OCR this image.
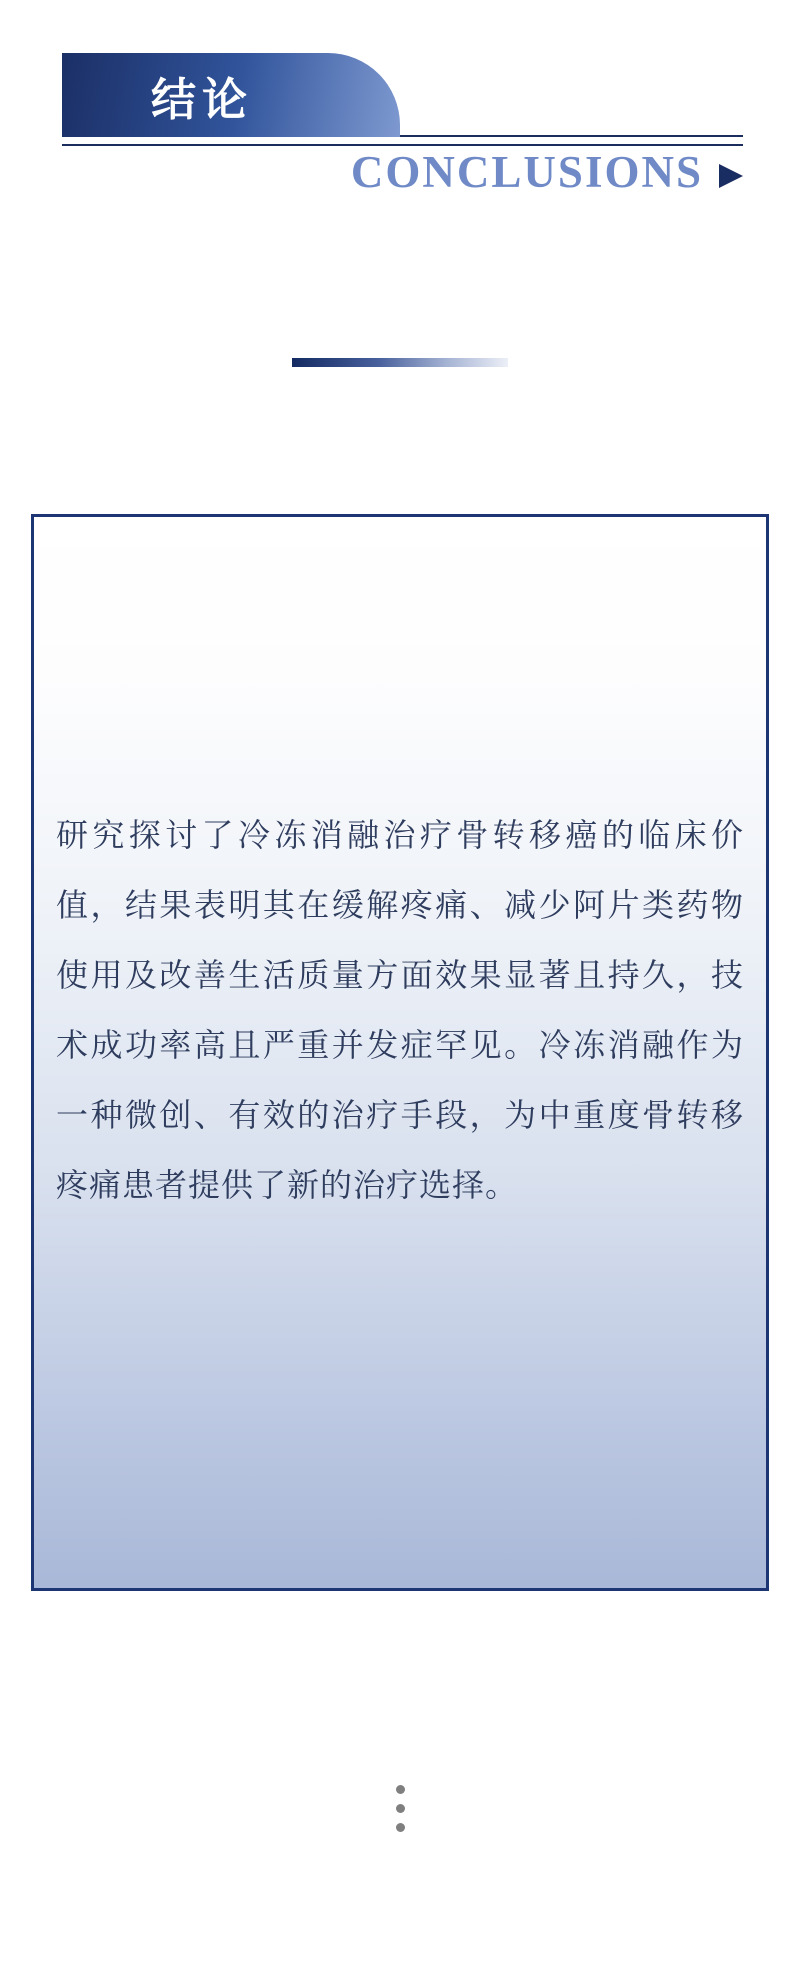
结论
CONCLUSIONS

研究探讨了冷冻消融治疗骨转移癌的临床价值，结果表明其在缓解疼痛、减少阿片类药物使用及改善生活质量方面效果显著且持久，技术成功率高且严重并发症罕见。冷冻消融作为一种微创、有效的治疗手段，为中重度骨转移疼痛患者提供了新的治疗选择。
